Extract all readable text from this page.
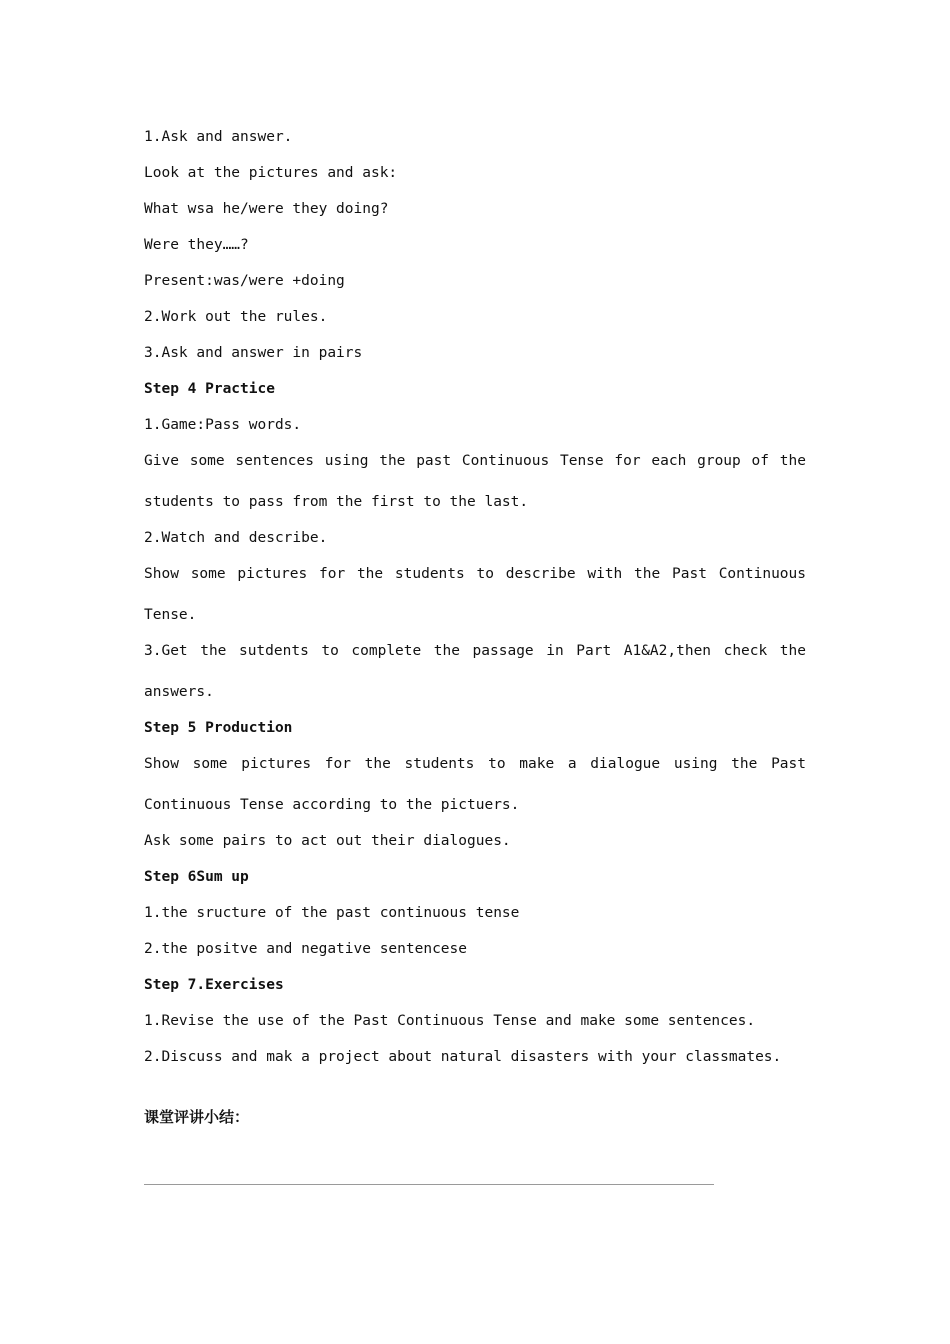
1.Ask and answer.
Look at the pictures and ask:
What wsa he/were they doing?
Were they……?
Present:was/were +doing
2.Work out the rules.
3.Ask and answer in pairs
Step 4 Practice
1.Game:Pass words.
Give some sentences using the past Continuous Tense for each group of the
students to pass from the first to the last.
2.Watch and describe.
Show some pictures for the students to describe with the Past Continuous
Tense.
3.Get the sutdents to complete the passage in Part A1&A2,then check the
answers.
Step 5 Production
Show some pictures for the students to make a dialogue using the Past
Continuous Tense according to the pictuers.
Ask some pairs to act out their dialogues.
Step 6Sum up
1.the sructure of the past continuous tense
2.the positve and negative sentencese
Step 7.Exercises
1.Revise the use of the Past Continuous Tense and make some sentences.
2.Discuss and mak a project about natural disasters with your classmates.
课堂评讲小结：
